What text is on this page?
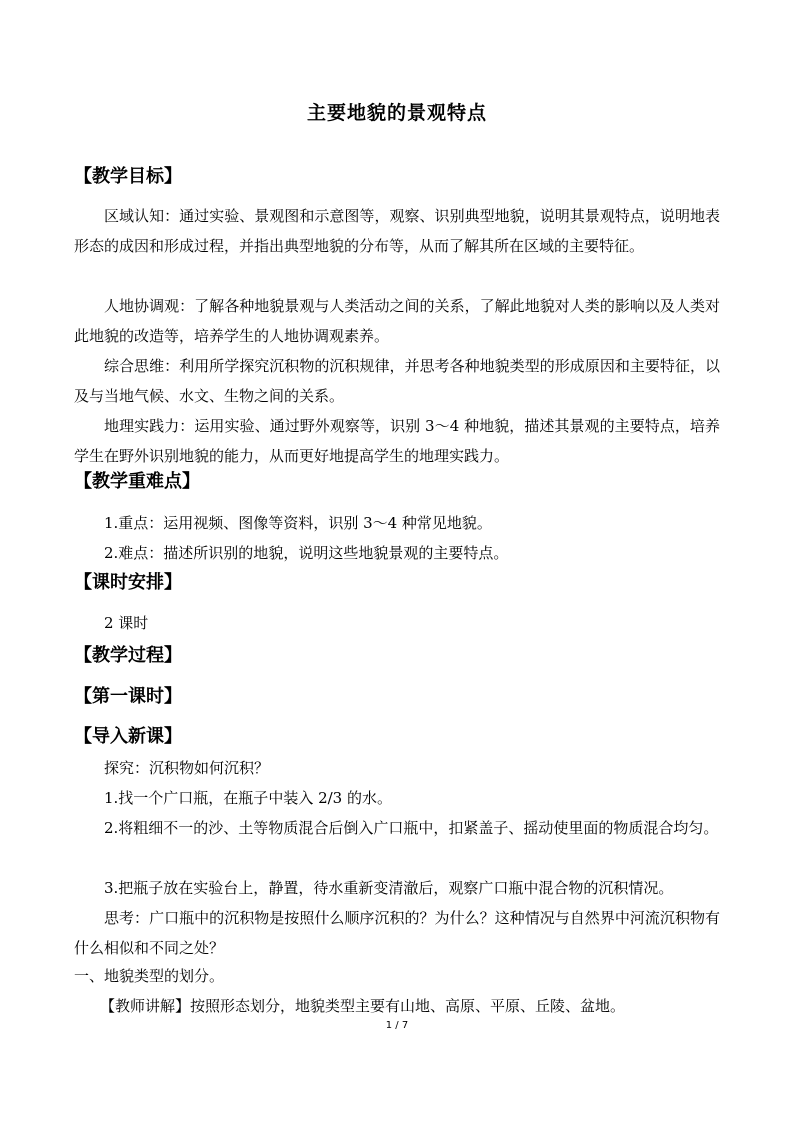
主要地貌的景观特点
【教学目标】
区域认知：通过实验、景观图和示意图等，观察、识别典型地貌，说明其景观特点，说明地表形态的成因和形成过程，并指出典型地貌的分布等，从而了解其所在区域的主要特征。
人地协调观：了解各种地貌景观与人类活动之间的关系，了解此地貌对人类的影响以及人类对此地貌的改造等，培养学生的人地协调观素养。
综合思维：利用所学探究沉积物的沉积规律，并思考各种地貌类型的形成原因和主要特征，以及与当地气候、水文、生物之间的关系。
地理实践力：运用实验、通过野外观察等，识别 3～4 种地貌，描述其景观的主要特点，培养学生在野外识别地貌的能力，从而更好地提高学生的地理实践力。
【教学重难点】
1.重点：运用视频、图像等资料，识别 3～4 种常见地貌。
2.难点：描述所识别的地貌，说明这些地貌景观的主要特点。
【课时安排】
2 课时
【教学过程】
【第一课时】
【导入新课】
探究：沉积物如何沉积？
1.找一个广口瓶，在瓶子中装入 2/3 的水。
2.将粗细不一的沙、土等物质混合后倒入广口瓶中，扣紧盖子、摇动使里面的物质混合均匀。
3.把瓶子放在实验台上，静置，待水重新变清澈后，观察广口瓶中混合物的沉积情况。
思考：广口瓶中的沉积物是按照什么顺序沉积的？为什么？这种情况与自然界中河流沉积物有什么相似和不同之处？
一、地貌类型的划分。
【教师讲解】按照形态划分，地貌类型主要有山地、高原、平原、丘陵、盆地。
1 / 7
